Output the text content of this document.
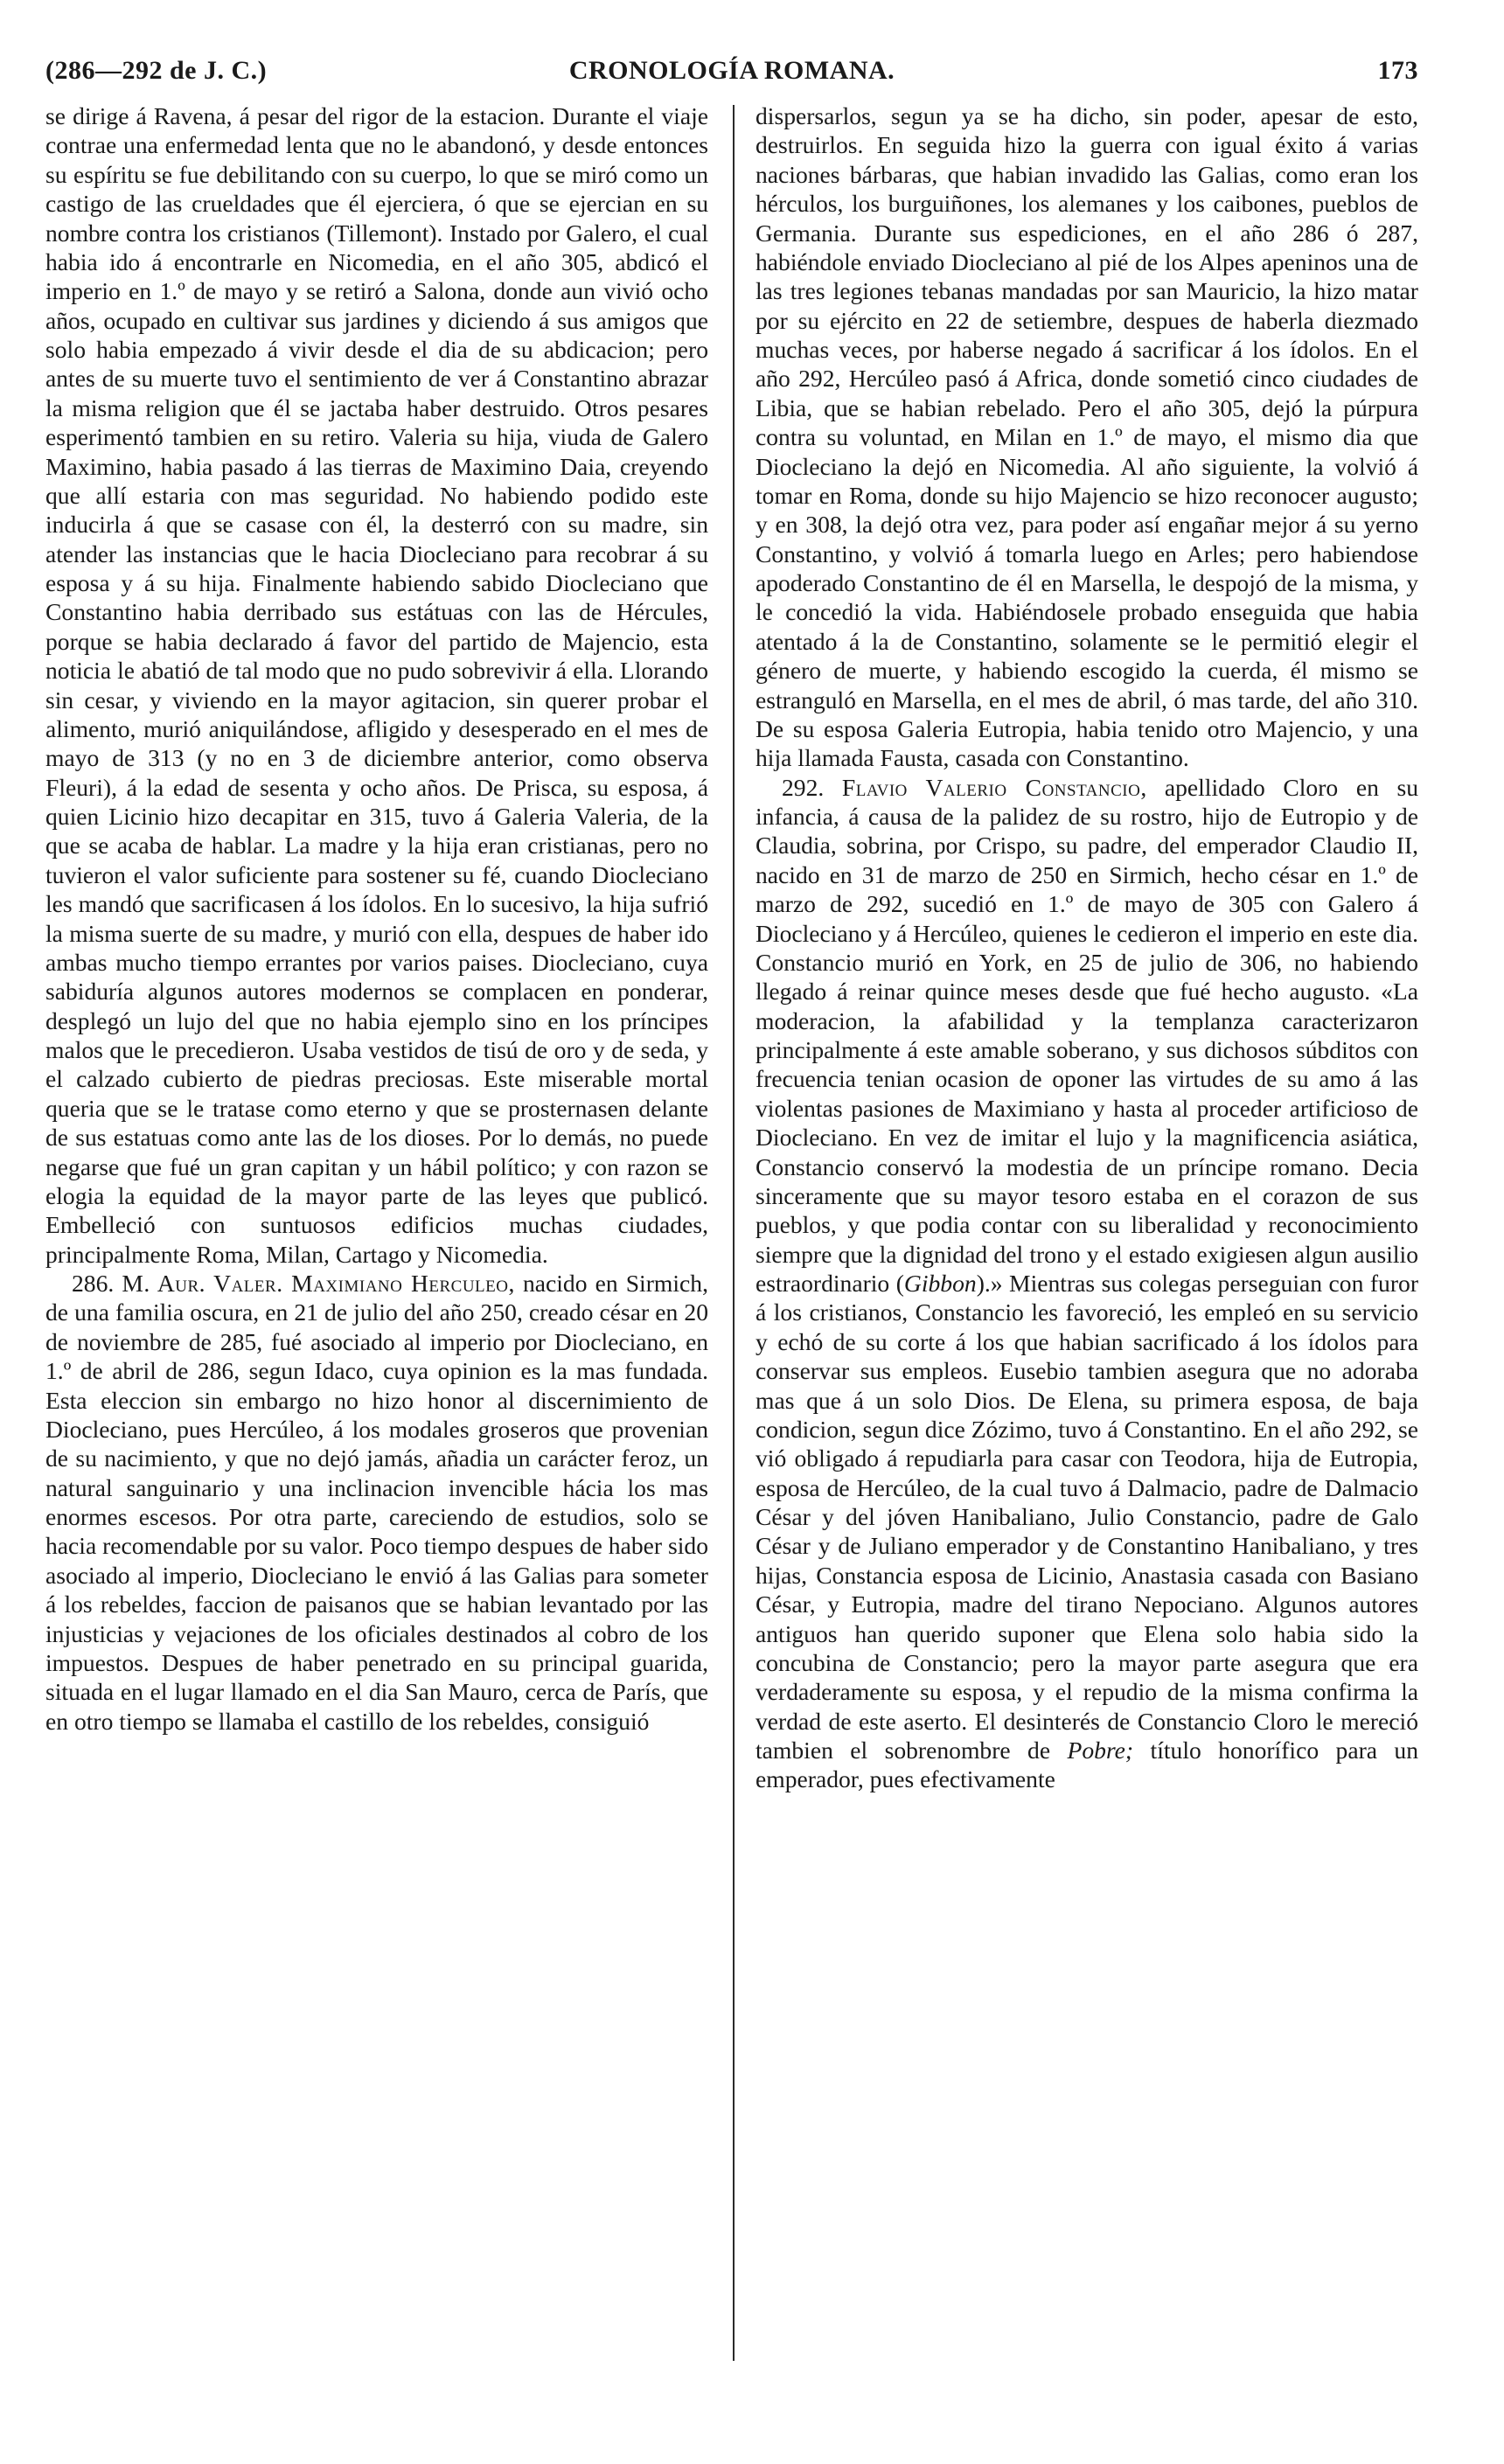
(286—292 de J. C.)	CRONOLOGÍA ROMANA.	173

se dirige á Ravena, á pesar del rigor de la estacion. Durante el viaje contrae una enfermedad lenta que no le abandonó, y desde entonces su espíritu se fue debilitando con su cuerpo, lo que se miró como un castigo de las crueldades que él ejerciera, ó que se ejercian en su nombre contra los cristianos (Tillemont). Instado por Galero, el cual habia ido á encontrarle en Nicomedia, en el año 305, abdicó el imperio en 1.º de mayo y se retiró a Salona, donde aun vivió ocho años, ocupado en cultivar sus jardines y diciendo á sus amigos que solo habia empezado á vivir desde el dia de su abdicacion; pero antes de su muerte tuvo el sentimiento de ver á Constantino abrazar la misma religion que él se jactaba haber destruido. Otros pesares esperimentó tambien en su retiro. Valeria su hija, viuda de Galero Maximino, habia pasado á las tierras de Maximino Daia, creyendo que allí estaria con mas seguridad. No habiendo podido este inducirla á que se casase con él, la desterró con su madre, sin atender las instancias que le hacia Diocleciano para recobrar á su esposa y á su hija. Finalmente habiendo sabido Diocleciano que Constantino habia derribado sus estátuas con las de Hércules, porque se habia declarado á favor del partido de Majencio, esta noticia le abatió de tal modo que no pudo sobrevivir á ella. Llorando sin cesar, y viviendo en la mayor agitacion, sin querer probar el alimento, murió aniquilándose, afligido y desesperado en el mes de mayo de 313 (y no en 3 de diciembre anterior, como observa Fleuri), á la edad de sesenta y ocho años. De Prisca, su esposa, á quien Licinio hizo decapitar en 315, tuvo á Galeria Valeria, de la que se acaba de hablar. La madre y la hija eran cristianas, pero no tuvieron el valor suficiente para sostener su fé, cuando Diocleciano les mandó que sacrificasen á los ídolos. En lo sucesivo, la hija sufrió la misma suerte de su madre, y murió con ella, despues de haber ido ambas mucho tiempo errantes por varios paises. Diocleciano, cuya sabiduría algunos autores modernos se complacen en ponderar, desplegó un lujo del que no habia ejemplo sino en los príncipes malos que le precedieron. Usaba vestidos de tisú de oro y de seda, y el calzado cubierto de piedras preciosas. Este miserable mortal queria que se le tratase como eterno y que se prosternasen delante de sus estatuas como ante las de los dioses. Por lo demás, no puede negarse que fué un gran capitan y un hábil político; y con razon se elogia la equidad de la mayor parte de las leyes que publicó. Embelleció con suntuosos edificios muchas ciudades, principalmente Roma, Milan, Cartago y Nicomedia.

286. M. Aur. Valer. Maximiano Herculeo, nacido en Sirmich, de una familia oscura, en 21 de julio del año 250, creado césar en 20 de noviembre de 285, fué asociado al imperio por Diocleciano, en 1.º de abril de 286, segun Idaco, cuya opinion es la mas fundada. Esta eleccion sin embargo no hizo honor al discernimiento de Diocleciano, pues Hercúleo, á los modales groseros que provenian de su nacimiento, y que no dejó jamás, añadia un carácter feroz, un natural sanguinario y una inclinacion invencible hácia los mas enormes escesos. Por otra parte, careciendo de estudios, solo se hacia recomendable por su valor. Poco tiempo despues de haber sido asociado al imperio, Diocleciano le envió á las Galias para someter á los rebeldes, faccion de paisanos que se habian levantado por las injusticias y vejaciones de los oficiales destinados al cobro de los impuestos. Despues de haber penetrado en su principal guarida, situada en el lugar llamado en el dia San Mauro, cerca de París, que en otro tiempo se llamaba el castillo de los rebeldes, consiguió

dispersarlos, segun ya se ha dicho, sin poder, apesar de esto, destruirlos. En seguida hizo la guerra con igual éxito á varias naciones bárbaras, que habian invadido las Galias, como eran los hérculos, los burguiñones, los alemanes y los caibones, pueblos de Germania. Durante sus espediciones, en el año 286 ó 287, habiéndole enviado Diocleciano al pié de los Alpes apeninos una de las tres legiones tebanas mandadas por san Mauricio, la hizo matar por su ejército en 22 de setiembre, despues de haberla diezmado muchas veces, por haberse negado á sacrificar á los ídolos. En el año 292, Hercúleo pasó á Africa, donde sometió cinco ciudades de Libia, que se habian rebelado. Pero el año 305, dejó la púrpura contra su voluntad, en Milan en 1.º de mayo, el mismo dia que Diocleciano la dejó en Nicomedia. Al año siguiente, la volvió á tomar en Roma, donde su hijo Majencio se hizo reconocer augusto; y en 308, la dejó otra vez, para poder así engañar mejor á su yerno Constantino, y volvió á tomarla luego en Arles; pero habiendose apoderado Constantino de él en Marsella, le despojó de la misma, y le concedió la vida. Habiéndosele probado enseguida que habia atentado á la de Constantino, solamente se le permitió elegir el género de muerte, y habiendo escogido la cuerda, él mismo se estranguló en Marsella, en el mes de abril, ó mas tarde, del año 310. De su esposa Galeria Eutropia, habia tenido otro Majencio, y una hija llamada Fausta, casada con Constantino.

292. Flavio Valerio Constancio, apellidado Cloro en su infancia, á causa de la palidez de su rostro, hijo de Eutropio y de Claudia, sobrina, por Crispo, su padre, del emperador Claudio II, nacido en 31 de marzo de 250 en Sirmich, hecho césar en 1.º de marzo de 292, sucedió en 1.º de mayo de 305 con Galero á Diocleciano y á Hercúleo, quienes le cedieron el imperio en este dia. Constancio murió en York, en 25 de julio de 306, no habiendo llegado á reinar quince meses desde que fué hecho augusto. «La moderacion, la afabilidad y la templanza caracterizaron principalmente á este amable soberano, y sus dichosos súbditos con frecuencia tenian ocasion de oponer las virtudes de su amo á las violentas pasiones de Maximiano y hasta al proceder artificioso de Diocleciano. En vez de imitar el lujo y la magnificencia asiática, Constancio conservó la modestia de un príncipe romano. Decia sinceramente que su mayor tesoro estaba en el corazon de sus pueblos, y que podia contar con su liberalidad y reconocimiento siempre que la dignidad del trono y el estado exigiesen algun ausilio estraordinario (Gibbon).» Mientras sus colegas perseguian con furor á los cristianos, Constancio les favoreció, les empleó en su servicio y echó de su corte á los que habian sacrificado á los ídolos para conservar sus empleos. Eusebio tambien asegura que no adoraba mas que á un solo Dios. De Elena, su primera esposa, de baja condicion, segun dice Zózimo, tuvo á Constantino. En el año 292, se vió obligado á repudiarla para casar con Teodora, hija de Eutropia, esposa de Hercúleo, de la cual tuvo á Dalmacio, padre de Dalmacio César y del jóven Hanibaliano, Julio Constancio, padre de Galo César y de Juliano emperador y de Constantino Hanibaliano, y tres hijas, Constancia esposa de Licinio, Anastasia casada con Basiano César, y Eutropia, madre del tirano Nepociano. Algunos autores antiguos han querido suponer que Elena solo habia sido la concubina de Constancio; pero la mayor parte asegura que era verdaderamente su esposa, y el repudio de la misma confirma la verdad de este aserto. El desinterés de Constancio Cloro le mereció tambien el sobrenombre de Pobre; título honorífico para un emperador, pues efectivamente
